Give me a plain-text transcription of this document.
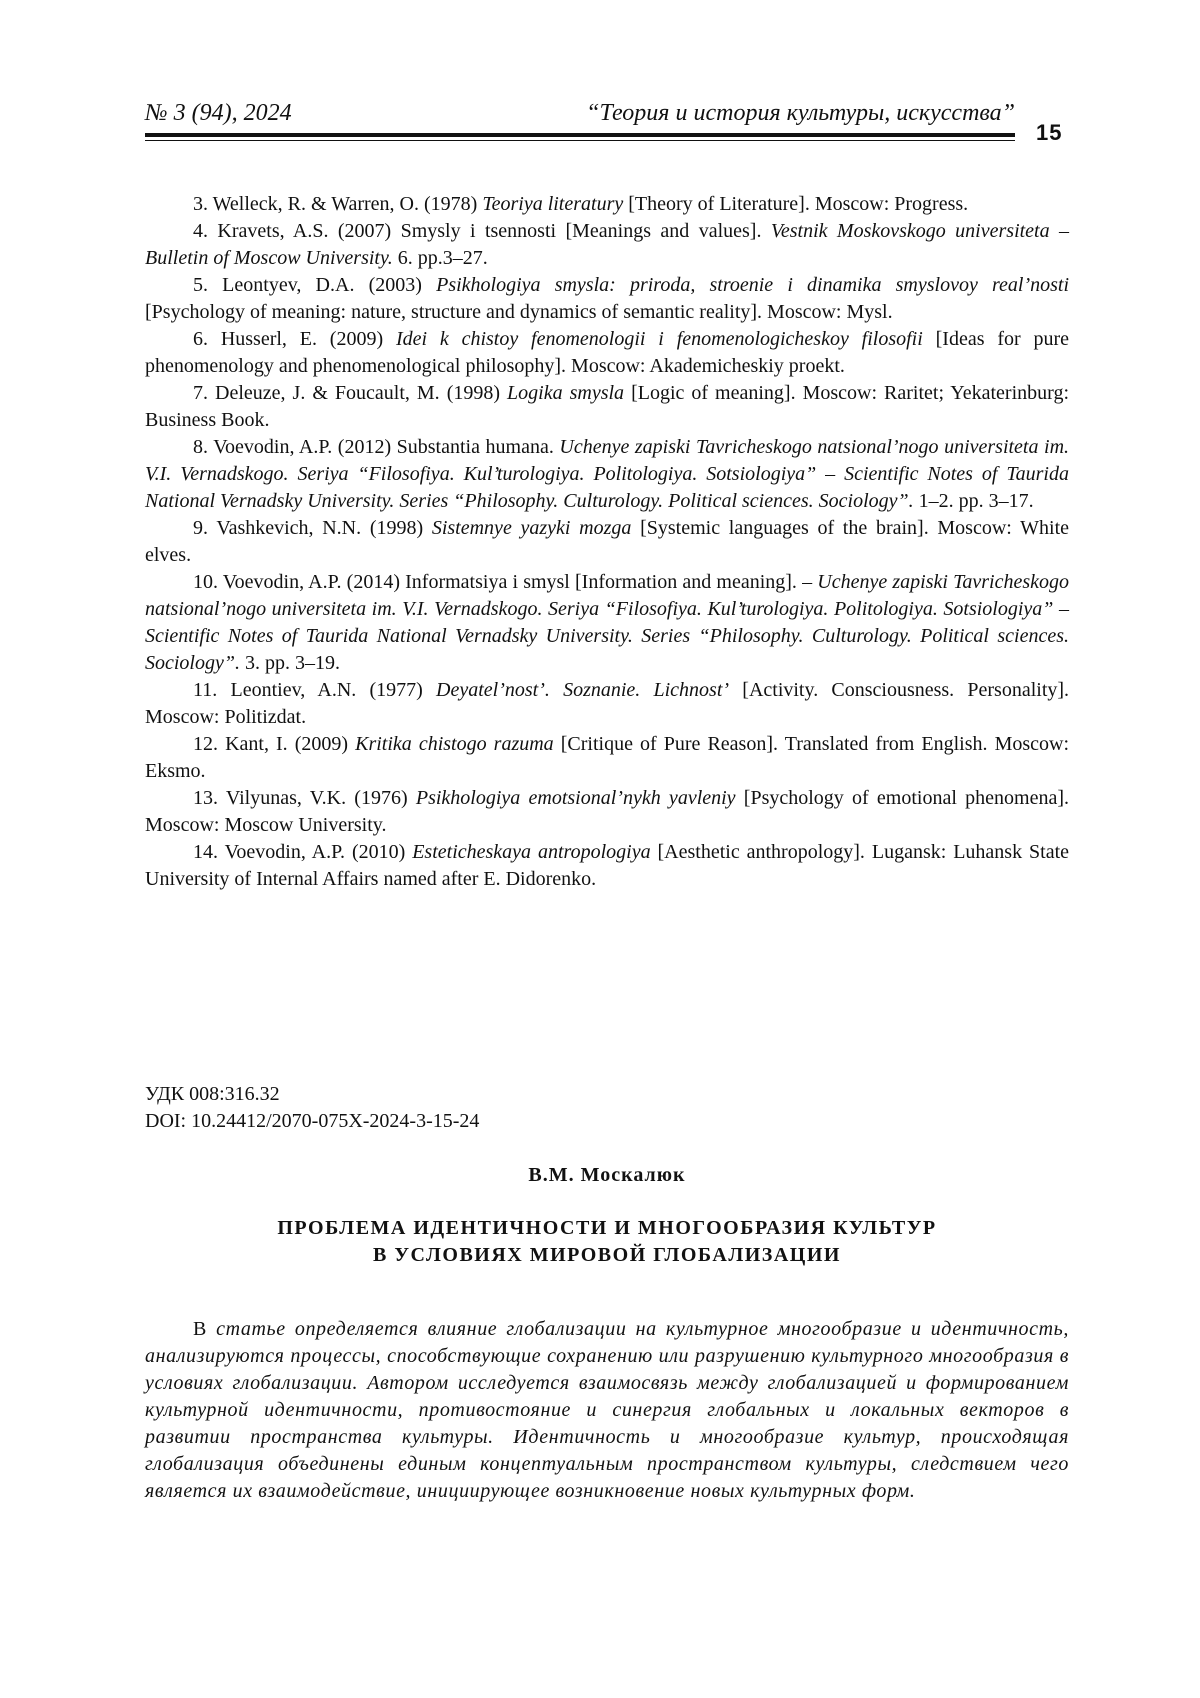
№ 3 (94), 2024	“Теория и история культуры, искусства”
15

3. Welleck, R. & Warren, O. (1978) Teoriya literatury [Theory of Literature]. Moscow: Progress.

4. Kravets, A.S. (2007) Smysly i tsennosti [Meanings and values]. Vestnik Moskovskogo universiteta – Bulletin of Moscow University. 6. pp.3–27.

5. Leontyev, D.A. (2003) Psikhologiya smysla: priroda, stroenie i dinamika smyslovoy real’nosti [Psychology of meaning: nature, structure and dynamics of semantic reality]. Moscow: Mysl.

6. Husserl, E. (2009) Idei k chistoy fenomenologii i fenomenologicheskoy filosofii [Ideas for pure phenomenology and phenomenological philosophy]. Moscow: Akademicheskiy proekt.

7. Deleuze, J. & Foucault, M. (1998) Logika smysla [Logic of meaning]. Moscow: Raritet; Yekaterinburg: Business Book.

8. Voevodin, A.P. (2012) Substantia humana. Uchenye zapiski Tavricheskogo natsional’nogo universiteta im. V.I. Vernadskogo. Seriya “Filosofiya. Kul’turologiya. Politologiya. Sotsiologiya” – Scientific Notes of Taurida National Vernadsky University. Series “Philosophy. Culturology. Political sciences. Sociology”. 1–2. pp. 3–17.

9. Vashkevich, N.N. (1998) Sistemnye yazyki mozga [Systemic languages of the brain]. Moscow: White elves.

10. Voevodin, A.P. (2014) Informatsiya i smysl [Information and meaning]. – Uchenye zapiski Tavricheskogo natsional’nogo universiteta im. V.I. Vernadskogo. Seriya “Filosofiya. Kul’turologiya. Politologiya. Sotsiologiya” – Scientific Notes of Taurida National Vernadsky University. Series “Philosophy. Culturology. Political sciences. Sociology”. 3. pp. 3–19.

11. Leontiev, A.N. (1977) Deyatel’nost’. Soznanie. Lichnost’ [Activity. Consciousness. Personality]. Moscow: Politizdat.

12. Kant, I. (2009) Kritika chistogo razuma [Critique of Pure Reason]. Translated from English. Moscow: Eksmo.

13. Vilyunas, V.K. (1976) Psikhologiya emotsional’nykh yavleniy [Psychology of emotional phenomena]. Moscow: Moscow University.

14. Voevodin, A.P. (2010) Esteticheskaya antropologiya [Aesthetic anthropology]. Lugansk: Luhansk State University of Internal Affairs named after E. Didorenko.

УДК 008:316.32
DOI: 10.24412/2070-075X-2024-3-15-24
В.М. Москалюк
ПРОБЛЕМА ИДЕНТИЧНОСТИ И МНОГООБРАЗИЯ КУЛЬТУР
В УСЛОВИЯХ МИРОВОЙ ГЛОБАЛИЗАЦИИ

В статье определяется влияние глобализации на культурное многообразие и идентичность, анализируются процессы, способствующие сохранению или разрушению культурного многообразия в условиях глобализации. Автором исследуется взаимосвязь между глобализацией и формированием культурной идентичности, противостояние и синергия глобальных и локальных векторов в развитии пространства культуры. Идентичность и многообразие культур, происходящая глобализация объединены единым концептуальным пространством культуры, следствием чего является их взаимодействие, инициирующее возникновение новых культурных форм.
